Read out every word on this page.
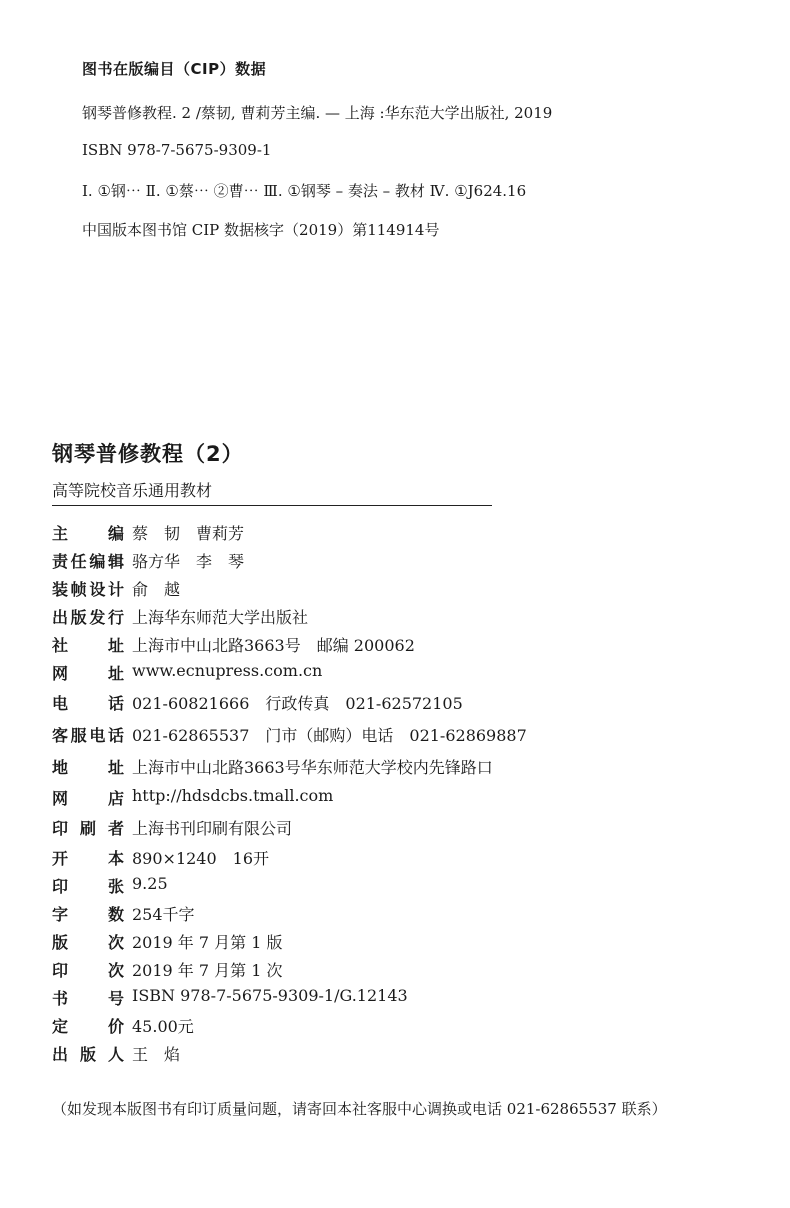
图书在版编目（CIP）数据
钢琴普修教程. 2 /蔡韧, 曹莉芳主编. — 上海 :华东范大学出版社, 2019
ISBN 978-7-5675-9309-1
Ⅰ. ①钢⋯ Ⅱ. ①蔡⋯ ②曹⋯ Ⅲ. ①钢琴 – 奏法 – 教材 Ⅳ. ①J624.16
中国版本图书馆 CIP 数据核字（2019）第114914号
钢琴普修教程（2）
高等院校音乐通用教材
主编 蔡　韧　曹莉芳
责任编辑 骆方华　李　琴
装帧设计 俞　越
出版发行 上海华东师范大学出版社
社址 上海市中山北路3663号　邮编 200062
网址 www.ecnupress.com.cn
电话 021-60821666　行政传真　021-62572105
客服电话 021-62865537　门市（邮购）电话　021-62869887
地址 上海市中山北路3663号华东师范大学校内先锋路口
网店 http://hdsdcbs.tmall.com
印刷者 上海书刊印刷有限公司
开本 890×1240　16开
印张 9.25
字数 254千字
版次 2019 年 7 月第 1 版
印次 2019 年 7 月第 1 次
书号 ISBN 978-7-5675-9309-1/G.12143
定价 45.00元
出版人 王　焰
（如发现本版图书有印订质量问题，请寄回本社客服中心调换或电话 021-62865537 联系）
